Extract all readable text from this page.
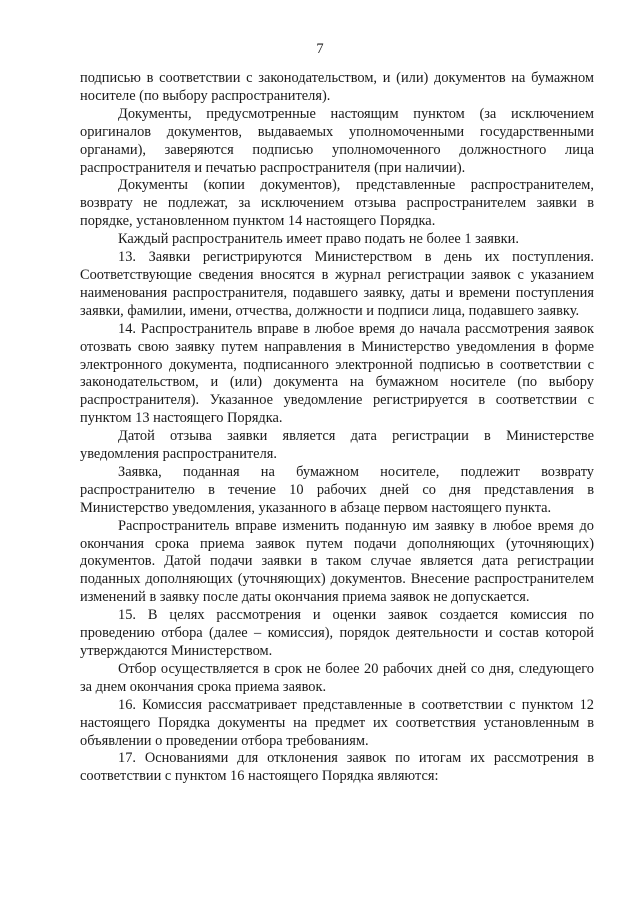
7

подписью в соответствии с законодательством, и (или) документов на бумажном носителе (по выбору распространителя).

Документы, предусмотренные настоящим пунктом (за исключением оригиналов документов, выдаваемых уполномоченными государственными органами), заверяются подписью уполномоченного должностного лица распространителя и печатью распространителя (при наличии).

Документы (копии документов), представленные распространителем, возврату не подлежат, за исключением отзыва распространителем заявки в порядке, установленном пунктом 14 настоящего Порядка.

Каждый распространитель имеет право подать не более 1 заявки.

13. Заявки регистрируются Министерством в день их поступления. Соответствующие сведения вносятся в журнал регистрации заявок с указанием наименования распространителя, подавшего заявку, даты и времени поступления заявки, фамилии, имени, отчества, должности и подписи лица, подавшего заявку.

14. Распространитель вправе в любое время до начала рассмотрения заявок отозвать свою заявку путем направления в Министерство уведомления в форме электронного документа, подписанного электронной подписью в соответствии с законодательством, и (или) документа на бумажном носителе (по выбору распространителя). Указанное уведомление регистрируется в соответствии с пунктом 13 настоящего Порядка.

Датой отзыва заявки является дата регистрации в Министерстве уведомления распространителя.

Заявка, поданная на бумажном носителе, подлежит возврату распространителю в течение 10 рабочих дней со дня представления в Министерство уведомления, указанного в абзаце первом настоящего пункта.

Распространитель вправе изменить поданную им заявку в любое время до окончания срока приема заявок путем подачи дополняющих (уточняющих) документов. Датой подачи заявки в таком случае является дата регистрации поданных дополняющих (уточняющих) документов. Внесение распространителем изменений в заявку после даты окончания приема заявок не допускается.

15. В целях рассмотрения и оценки заявок создается комиссия по проведению отбора (далее – комиссия), порядок деятельности и состав которой утверждаются Министерством.

Отбор осуществляется в срок не более 20 рабочих дней со дня, следующего за днем окончания срока приема заявок.

16. Комиссия рассматривает представленные в соответствии с пунктом 12 настоящего Порядка документы на предмет их соответствия установленным в объявлении о проведении отбора требованиям.

17. Основаниями для отклонения заявок по итогам их рассмотрения в соответствии с пунктом 16 настоящего Порядка являются:
